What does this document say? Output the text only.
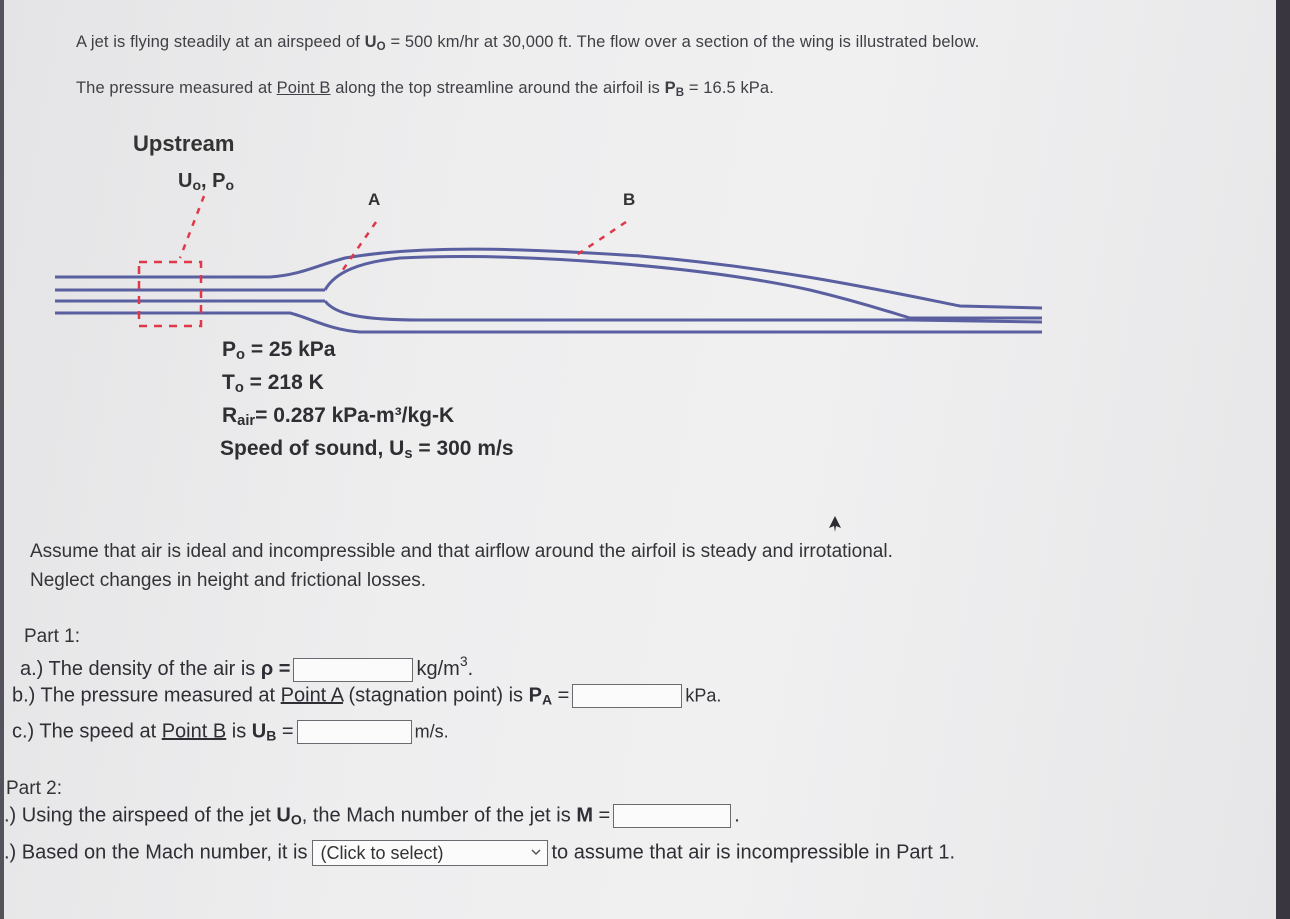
A jet is flying steadily at an airspeed of $U_O = 500$ km/hr at 30,000 ft. The flow over a section of the wing is illustrated below.
The pressure measured at Point B along the top streamline around the airfoil is $P_B = 16.5$ kPa.
Upstream
$U_o$, $P_o$
A	B
$P_o = 25$ kPa
$T_o = 218$ K
$R_{air}= 0.287$ kPa-m³/kg-K
Speed of sound, $U_s = 300$ m/s
Assume that air is ideal and incompressible and that airflow around the airfoil is steady and irrotational.
Neglect changes in height and frictional losses.
Part 1:
a.) The density of the air is ρ =	$kg/m^3$.
b.) The pressure measured at Point A (stagnation point) is $P_A$ =	kPa.
c.) The speed at Point B is $U_B$ =	m/s.
Part 2:
.) Using the airspeed of the jet $U_O$, the Mach number of the jet is M =	.
.) Based on the Mach number, it is (Click to select)	to assume that air is incompressible in Part 1.
